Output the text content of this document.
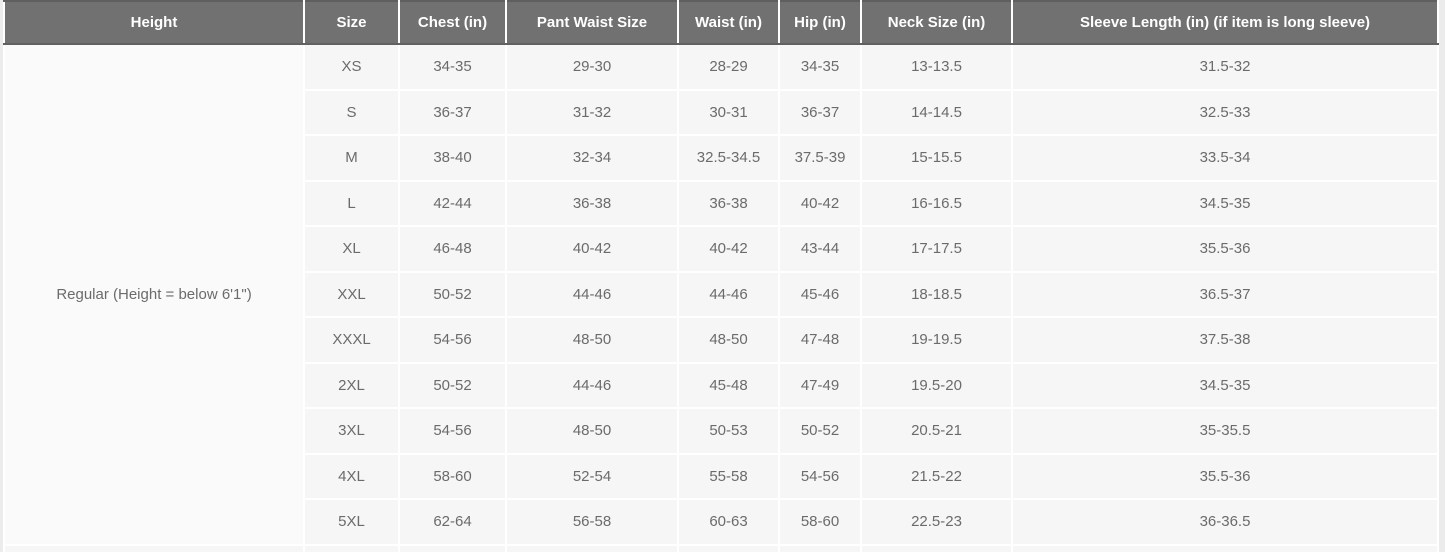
Height	Size	Chest (in)	Pant Waist Size	Waist (in)	Hip (in)	Neck Size (in)	Sleeve Length (in) (if item is long sleeve)
Regular (Height = below 6'1")	XS	34-35	29-30	28-29	34-35	13-13.5	31.5-32
	S	36-37	31-32	30-31	36-37	14-14.5	32.5-33
	M	38-40	32-34	32.5-34.5	37.5-39	15-15.5	33.5-34
	L	42-44	36-38	36-38	40-42	16-16.5	34.5-35
	XL	46-48	40-42	40-42	43-44	17-17.5	35.5-36
	XXL	50-52	44-46	44-46	45-46	18-18.5	36.5-37
	XXXL	54-56	48-50	48-50	47-48	19-19.5	37.5-38
	2XL	50-52	44-46	45-48	47-49	19.5-20	34.5-35
	3XL	54-56	48-50	50-53	50-52	20.5-21	35-35.5
	4XL	58-60	52-54	55-58	54-56	21.5-22	35.5-36
	5XL	62-64	56-58	60-63	58-60	22.5-23	36-36.5
